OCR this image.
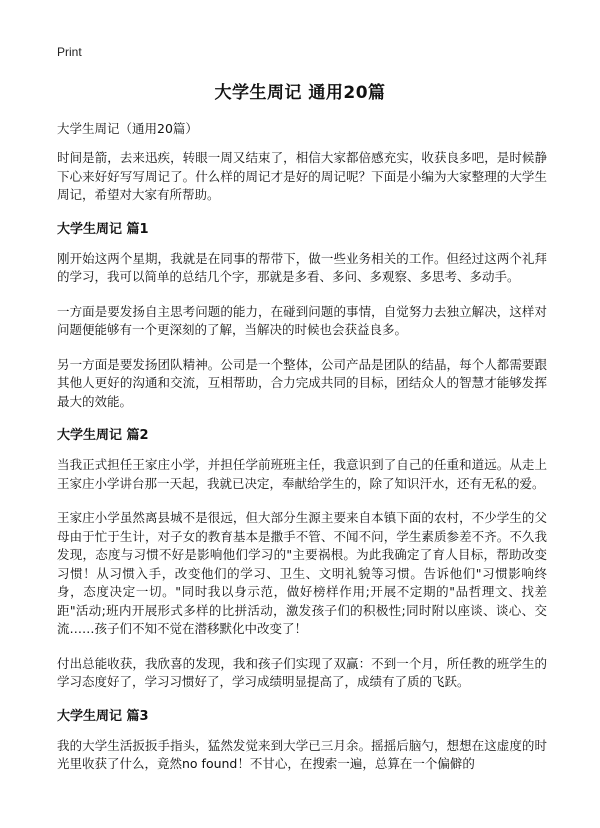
Print
大学生周记 通用20篇
大学生周记（通用20篇）

时间是箭，去来迅疾，转眼一周又结束了，相信大家都倍感充实，收获良多吧，是时候静下心来好好写写周记了。什么样的周记才是好的周记呢？下面是小编为大家整理的大学生周记，希望对大家有所帮助。

大学生周记 篇1

刚开始这两个星期，我就是在同事的帮带下，做一些业务相关的工作。但经过这两个礼拜的学习，我可以简单的总结几个字，那就是多看、多问、多观察、多思考、多动手。

一方面是要发扬自主思考问题的能力，在碰到问题的事情，自觉努力去独立解决，这样对问题便能够有一个更深刻的了解，当解决的时候也会获益良多。

另一方面是要发扬团队精神。公司是一个整体，公司产品是团队的结晶，每个人都需要跟其他人更好的沟通和交流，互相帮助，合力完成共同的目标，团结众人的智慧才能够发挥最大的效能。

大学生周记 篇2

当我正式担任王家庄小学，并担任学前班班主任，我意识到了自己的任重和道远。从走上王家庄小学讲台那一天起，我就已决定，奉献给学生的，除了知识汗水，还有无私的爱。

王家庄小学虽然离县城不是很远，但大部分生源主要来自本镇下面的农村，不少学生的父母由于忙于生计，对子女的教育基本是撒手不管、不闻不问，学生素质参差不齐。不久我发现，态度与习惯不好是影响他们学习的"主要祸根。为此我确定了育人目标，帮助改变习惯！从习惯入手，改变他们的学习、卫生、文明礼貌等习惯。告诉他们"习惯影响终身，态度决定一切。"同时我以身示范，做好榜样作用;开展不定期的"品哲理文、找差距"活动;班内开展形式多样的比拼活动，激发孩子们的积极性;同时附以座谈、谈心、交流……孩子们不知不觉在潜移默化中改变了！

付出总能收获，我欣喜的发现，我和孩子们实现了双赢：不到一个月，所任教的班学生的学习态度好了，学习习惯好了，学习成绩明显提高了，成绩有了质的飞跃。

大学生周记 篇3

我的大学生活扳扳手指头，猛然发觉来到大学已三月余。摇摇后脑勺，想想在这虚度的时光里收获了什么，竟然no found！不甘心，在搜索一遍，总算在一个偏僻的
